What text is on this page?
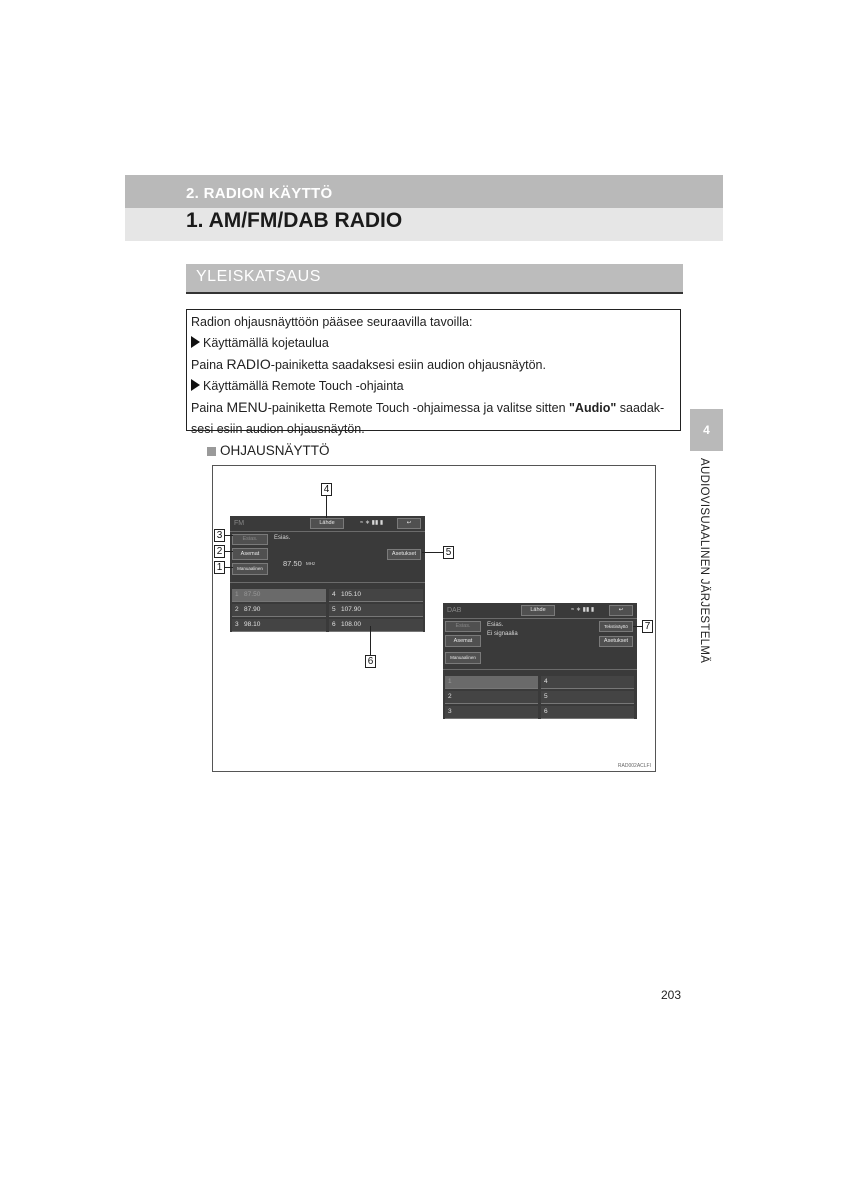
2. RADION KÄYTTÖ
1. AM/FM/DAB RADIO
YLEISKATSAUS

Radion ohjausnäyttöön pääsee seuraavilla tavoilla:

Käyttämällä kojetaulua

Paina RADIO-painiketta saadaksesi esiin audion ohjausnäytön.

Käyttämällä Remote Touch -ohjainta

Paina MENU-painiketta Remote Touch -ohjaimessa ja valitse sitten "Audio" saadak-

sesi esiin audion ohjausnäytön.	4
AUDIOVISUAALINEN JÄRJESTELMÄ
OHJAUSNÄYTTÖ
FM	Lähde	≈ ∗ ▮▮ ▮	↩
Esias.	Esias.
Asemat
87.50 MHz
Asetukset
Manuaalinen
1 87.50
2 87.90
3 98.10
4 105.10
5 107.90
6 108.00
DAB	Lähde	≈ ∗ ▮▮ ▮	↩
Esias.	Esias.
Ei signaalia
Tekstinäyttö
Asemat	Asetukset
Manuaalinen
1
2
3
4
5
6
4
3
2
1
5
6
7
RAD002ACLFI
203
